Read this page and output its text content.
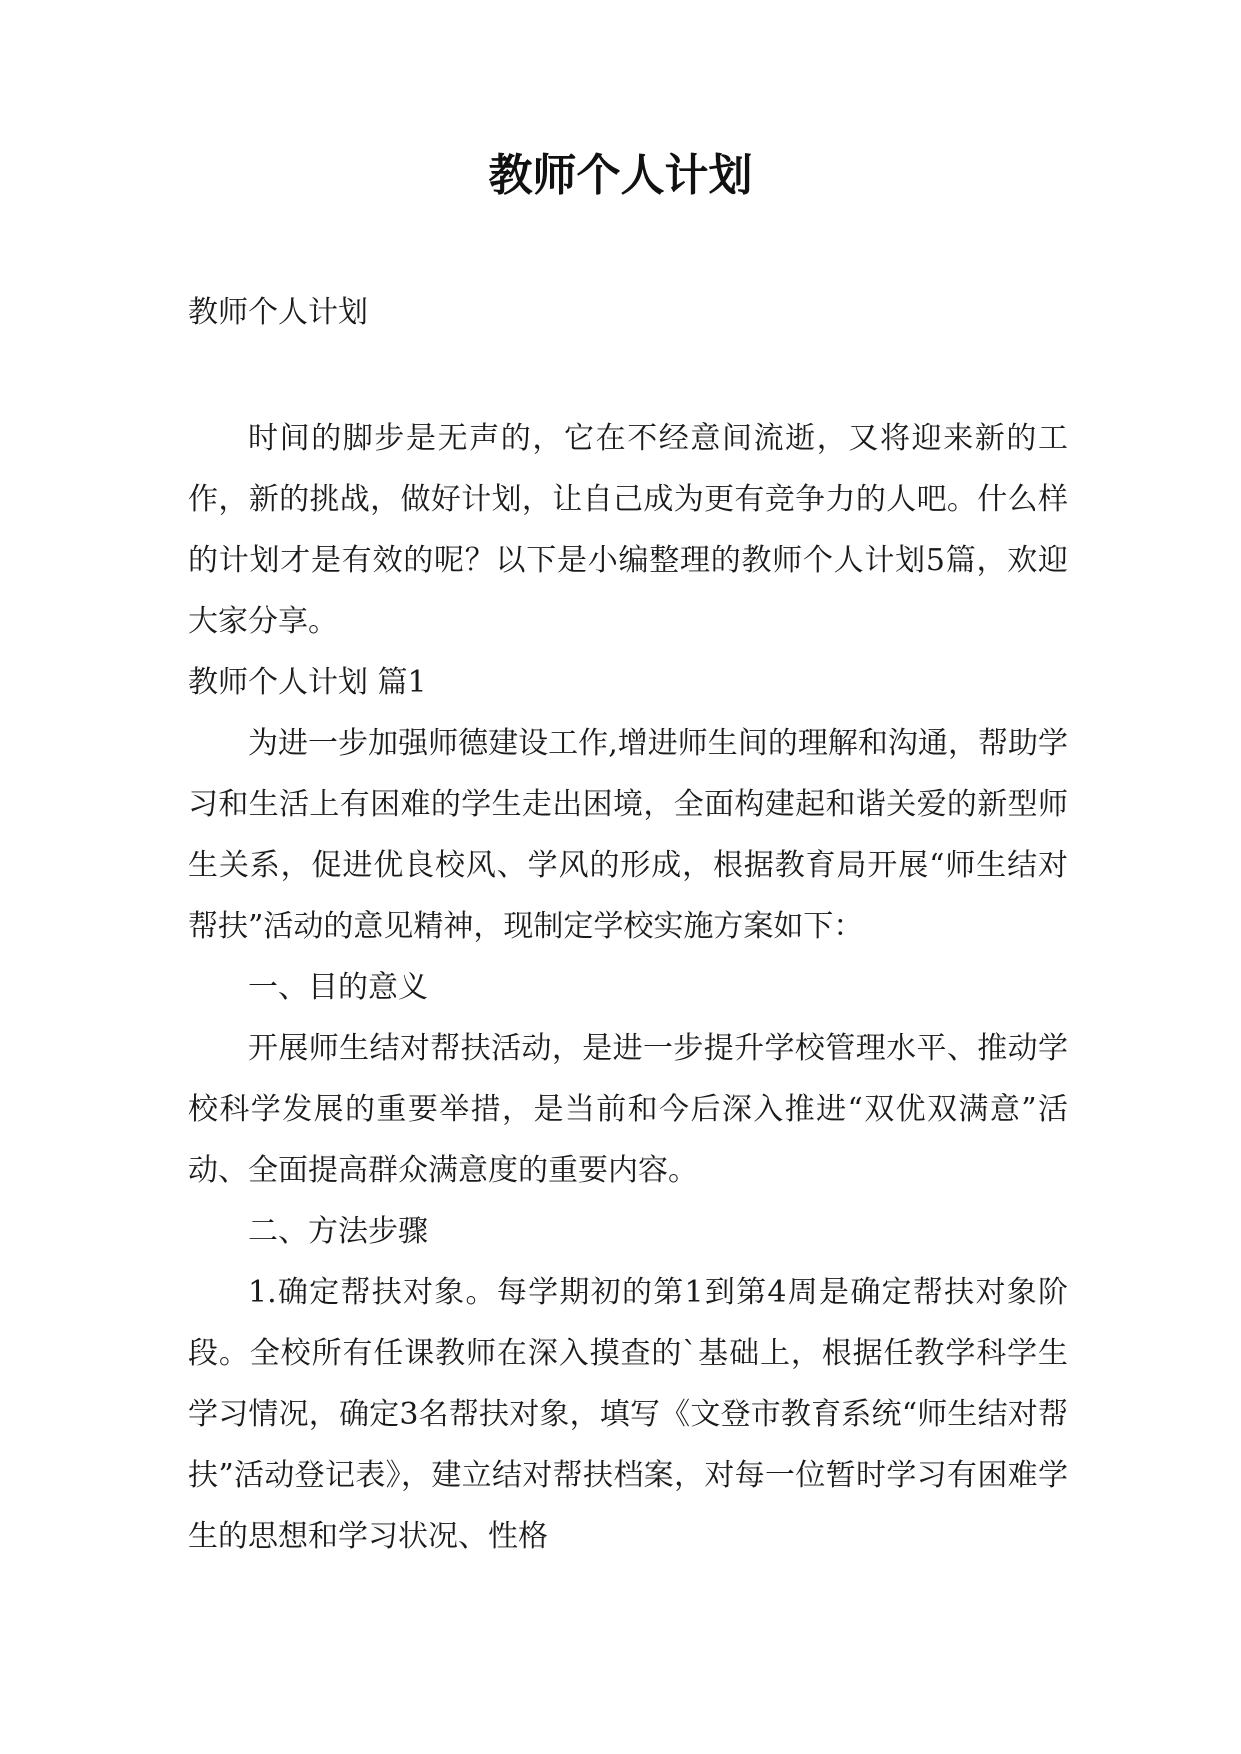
教师个人计划
教师个人计划

时间的脚步是无声的，它在不经意间流逝，又将迎来新的工作，新的挑战，做好计划，让自己成为更有竞争力的人吧。什么样的计划才是有效的呢？以下是小编整理的教师个人计划5篇，欢迎大家分享。

教师个人计划 篇1

为进一步加强师德建设工作,增进师生间的理解和沟通，帮助学习和生活上有困难的学生走出困境，全面构建起和谐关爱的新型师生关系，促进优良校风、学风的形成，根据教育局开展“师生结对帮扶”活动的意见精神，现制定学校实施方案如下：

一、目的意义

开展师生结对帮扶活动，是进一步提升学校管理水平、推动学校科学发展的重要举措，是当前和今后深入推进“双优双满意”活动、全面提高群众满意度的重要内容。

二、方法步骤

1.确定帮扶对象。每学期初的第1到第4周是确定帮扶对象阶段。全校所有任课教师在深入摸查的`基础上，根据任教学科学生学习情况，确定3名帮扶对象，填写《文登市教育系统“师生结对帮扶”活动登记表》，建立结对帮扶档案，对每一位暂时学习有困难学生的思想和学习状况、性格
